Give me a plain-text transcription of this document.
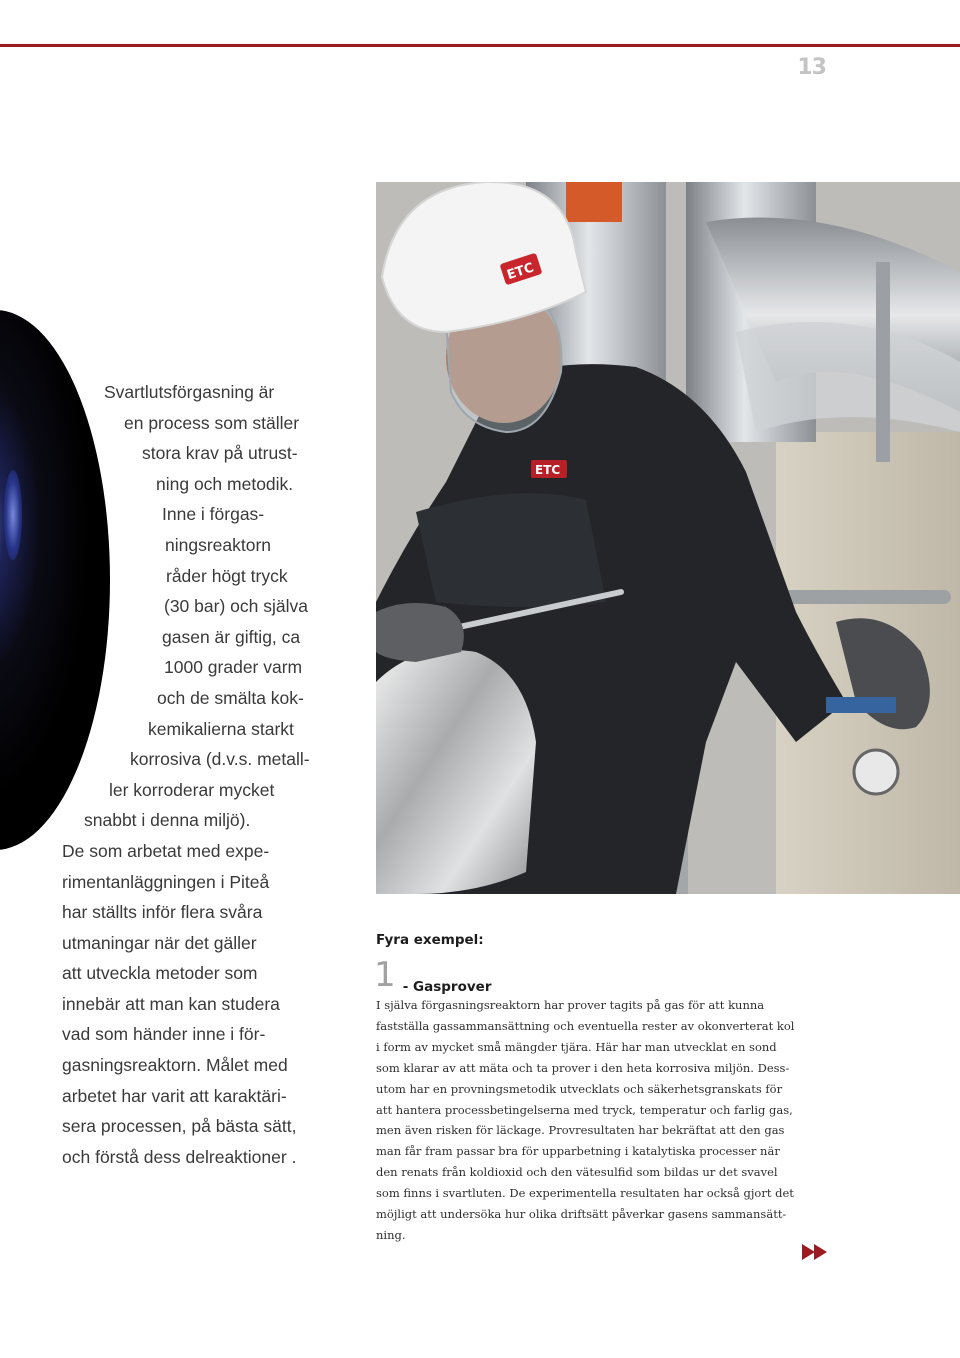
13
Svartlutsförgasning är
en process som ställer
stora krav på utrust-
ning och metodik.
Inne i förgas-
ningsreaktorn
råder högt tryck
(30 bar) och själva
gasen är giftig, ca
1000 grader varm
och de smälta kok-
kemikalierna starkt
korrosiva (d.v.s. metall-
ler korroderar mycket
snabbt i denna miljö).
De som arbetat med expe-
rimentanläggningen i Piteå
har ställts inför flera svåra
utmaningar när det gäller
att utveckla metoder som
innebär att man kan studera
vad som händer inne i för-
gasningsreaktorn. Målet med
arbetet har varit att karaktäri-
sera processen, på bästa sätt,
och förstå dess delreaktioner .
ETC
ETC
Fyra exempel:
1 - Gasprover
I själva förgasningsreaktorn har prover tagits på gas för att kunna
fastställa gassammansättning och eventuella rester av okonverterat kol
i form av mycket små mängder tjära. Här har man utvecklat en sond
som klarar av att mäta och ta prover i den heta korrosiva miljön. Dess-
utom har en provningsmetodik utvecklats och säkerhetsgranskats för
att hantera processbetingelserna med tryck, temperatur och farlig gas,
men även risken för läckage. Provresultaten har bekräftat att den gas
man får fram passar bra för upparbetning i katalytiska processer när
den renats från koldioxid och den vätesulfid som bildas ur det svavel
som finns i svartluten. De experimentella resultaten har också gjort det
möjligt att undersöka hur olika driftsätt påverkar gasens sammansätt-
ning.
